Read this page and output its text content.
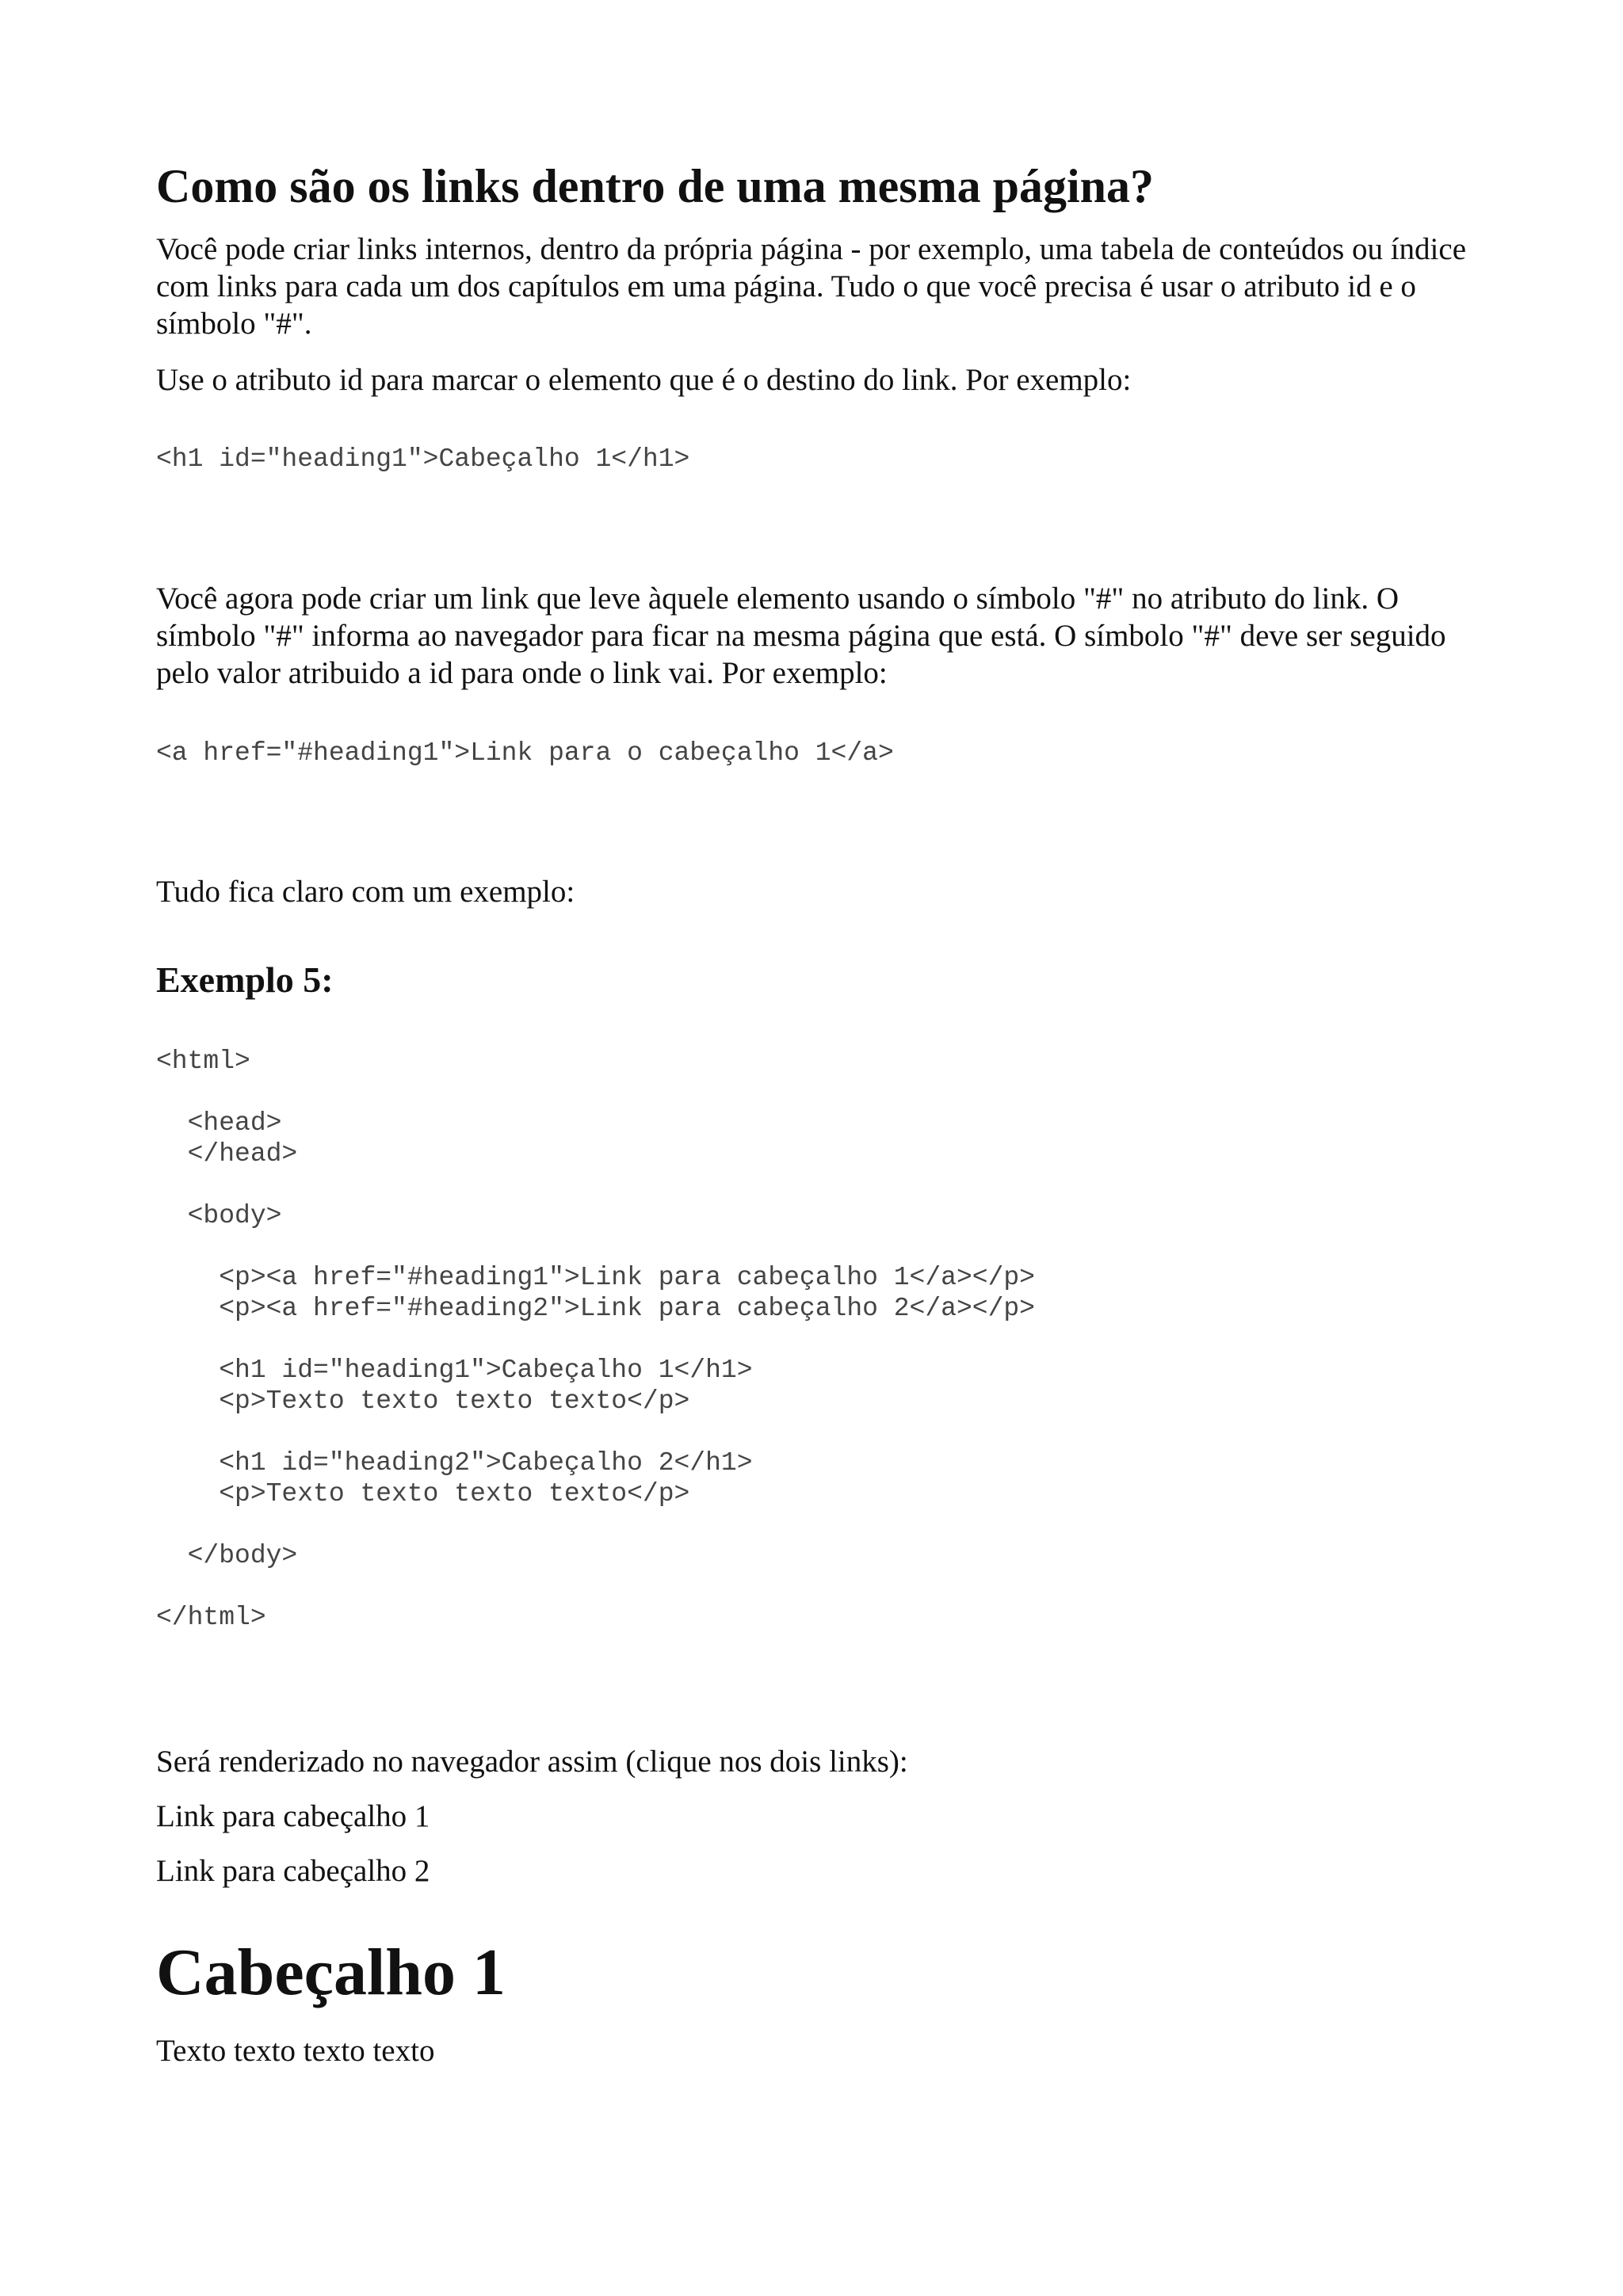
Como são os links dentro de uma mesma página?
Você pode criar links internos, dentro da própria página - por exemplo, uma tabela de conteúdos ou índice com links para cada um dos capítulos em uma página. Tudo o que você precisa é usar o atributo id e o símbolo "#".
Use o atributo id para marcar o elemento que é o destino do link. Por exemplo:
<h1 id="heading1">Cabeçalho 1</h1>
Você agora pode criar um link que leve àquele elemento usando o símbolo "#" no atributo do link. O símbolo "#" informa ao navegador para ficar na mesma página que está. O símbolo "#" deve ser seguido pelo valor atribuido a id para onde o link vai. Por exemplo:
<a href="#heading1">Link para o cabeçalho 1</a>
Tudo fica claro com um exemplo:
Exemplo 5:
<html>

<head>
</head>

<body>

<p><a href="#heading1">Link para cabeçalho 1</a></p>
<p><a href="#heading2">Link para cabeçalho 2</a></p>

<h1 id="heading1">Cabeçalho 1</h1>
<p>Texto texto texto texto</p>

<h1 id="heading2">Cabeçalho 2</h1>
<p>Texto texto texto texto</p>

</body>

</html>
Será renderizado no navegador assim (clique nos dois links):
Link para cabeçalho 1
Link para cabeçalho 2
Cabeçalho 1
Texto texto texto texto
